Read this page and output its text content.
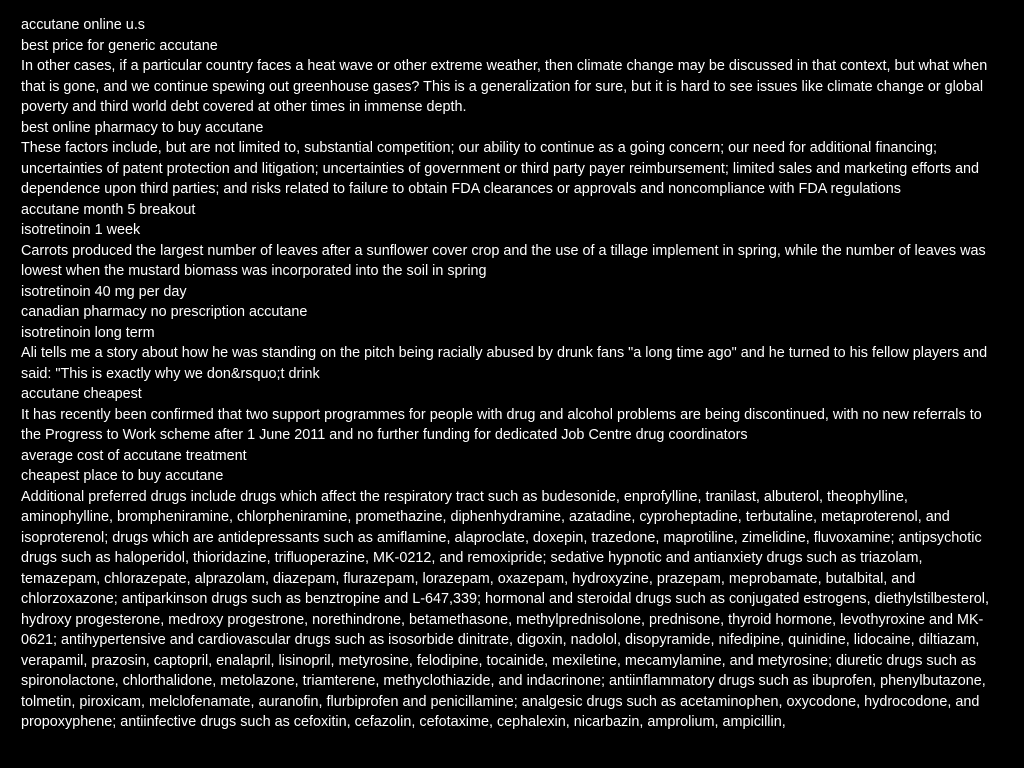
accutane online u.s

best price for generic accutane

In other cases, if a particular country faces a heat wave or other extreme weather, then climate change may be discussed in that context, but what when that is gone, and we continue spewing out greenhouse gases? This is a generalization for sure, but it is hard to see issues like climate change or global poverty and third world debt covered at other times in immense depth.

best online pharmacy to buy accutane

These factors include, but are not limited to, substantial competition; our ability to continue as a going concern; our need for additional financing; uncertainties of patent protection and litigation; uncertainties of government or third party payer reimbursement; limited sales and marketing efforts and dependence upon third parties; and risks related to failure to obtain FDA clearances or approvals and noncompliance with FDA regulations

accutane month 5 breakout

isotretinoin 1 week

Carrots produced the largest number of leaves after a sunflower cover crop and the use of a tillage implement in spring, while the number of leaves was lowest when the mustard biomass was incorporated into the soil in spring

isotretinoin 40 mg per day

canadian pharmacy no prescription accutane

isotretinoin long term

Ali tells me a story about how he was standing on the pitch being racially abused by drunk fans "a long time ago" and he turned to his fellow players and said: "This is exactly why we don&rsquo;t drink

accutane cheapest

It has recently been confirmed that two support programmes for people with drug and alcohol problems are being discontinued, with no new referrals to the Progress to Work scheme after 1 June 2011 and no further funding for dedicated Job Centre drug coordinators

average cost of accutane treatment

cheapest place to buy accutane

Additional preferred drugs include drugs which affect the respiratory tract such as budesonide, enprofylline, tranilast, albuterol, theophylline, aminophylline, brompheniramine, chlorpheniramine, promethazine, diphenhydramine, azatadine, cyproheptadine, terbutaline, metaproterenol, and isoproterenol; drugs which are antidepressants such as amiflamine, alaproclate, doxepin, trazedone, maprotiline, zimelidine, fluvoxamine; antipsychotic drugs such as haloperidol, thioridazine, trifluoperazine, MK-0212, and remoxipride; sedative hypnotic and antianxiety drugs such as triazolam, temazepam, chlorazepate, alprazolam, diazepam, flurazepam, lorazepam, oxazepam, hydroxyzine, prazepam, meprobamate, butalbital, and chlorzoxazone; antiparkinson drugs such as benztropine and L-647,339; hormonal and steroidal drugs such as conjugated estrogens, diethylstilbesterol, hydroxy progesterone, medroxy progestrone, norethindrone, betamethasone, methylprednisolone, prednisone, thyroid hormone, levothyroxine and MK-0621; antihypertensive and cardiovascular drugs such as isosorbide dinitrate, digoxin, nadolol, disopyramide, nifedipine, quinidine, lidocaine, diltiazam, verapamil, prazosin, captopril, enalapril, lisinopril, metyrosine, felodipine, tocainide, mexiletine, mecamylamine, and metyrosine; diuretic drugs such as spironolactone, chlorthalidone, metolazone, triamterene, methyclothiazide, and indacrinone; antiinflammatory drugs such as ibuprofen, phenylbutazone, tolmetin, piroxicam, melclofenamate, auranofin, flurbiprofen and penicillamine; analgesic drugs such as acetaminophen, oxycodone, hydrocodone, and propoxyphene; antiinfective drugs such as cefoxitin, cefazolin, cefotaxime, cephalexin, nicarbazin, amprolium, ampicillin,
